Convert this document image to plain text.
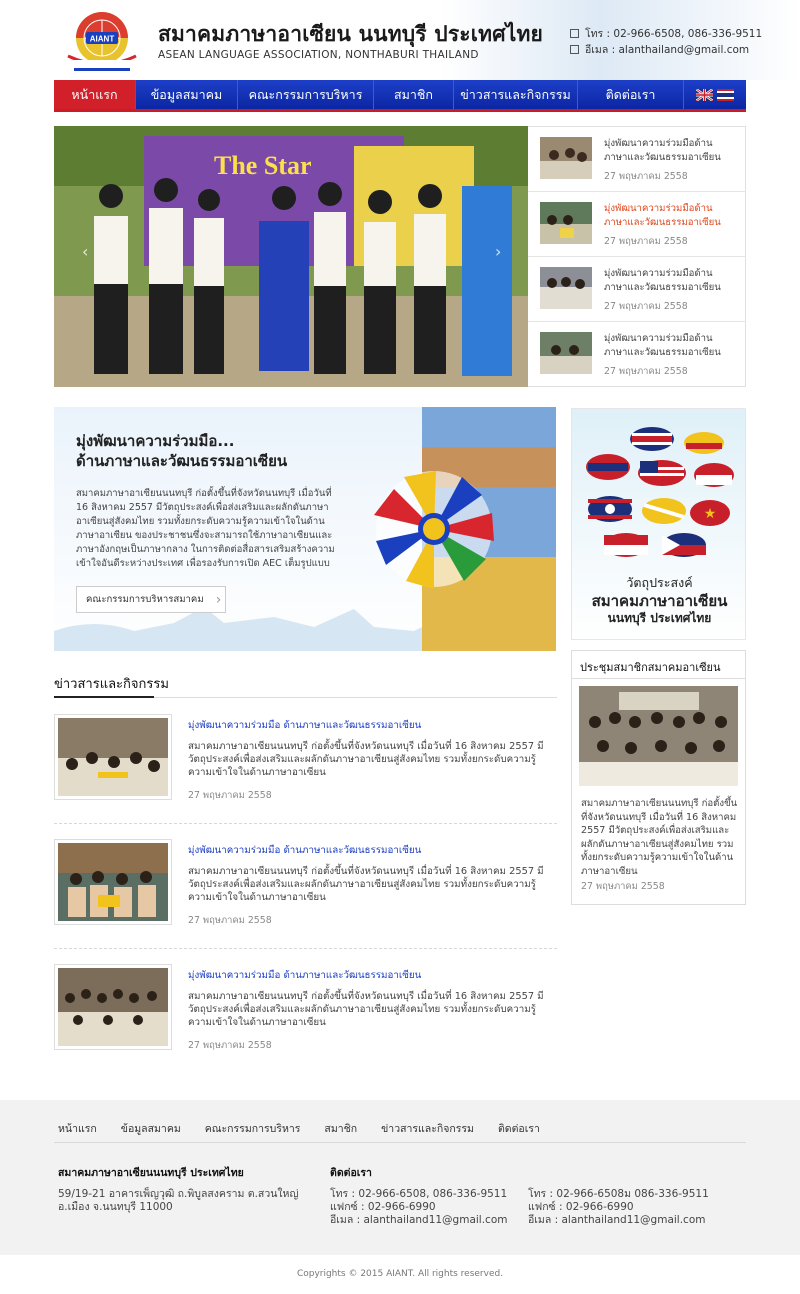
AIANT สมาคมภาษาอาเซียน นนทบุรี ประเทศไทย
ASEAN LANGUAGE ASSOCIATION, NONTHABURI THAILAND
โทร : 02-966-6508, 086-336-9511
อีเมล : alanthailand@gmail.com
หน้าแรก	ข้อมูลสมาคม	คณะกรรมการบริหาร	สมาชิก	ข่าวสารและกิจกรรม	ติดต่อเรา
The Star
‹	›
มุ่งพัฒนาความร่วมมือด้านภาษาและวัฒนธรรมอาเซียน
27 พฤษภาคม 2558
มุ่งพัฒนาความร่วมมือด้านภาษาและวัฒนธรรมอาเซียน
27 พฤษภาคม 2558
มุ่งพัฒนาความร่วมมือด้านภาษาและวัฒนธรรมอาเซียน
27 พฤษภาคม 2558
มุ่งพัฒนาความร่วมมือด้านภาษาและวัฒนธรรมอาเซียน
27 พฤษภาคม 2558
มุ่งพัฒนาความร่วมมือ...
ด้านภาษาและวัฒนธรรมอาเซียน
สมาคมภาษาอาเซียนนนทบุรี ก่อตั้งขึ้นที่จังหวัดนนทบุรี เมื่อวันที่ 16 สิงหาคม 2557 มีวัตถุประสงค์เพื่อส่งเสริมและผลักดันภาษาอาเซียนสู่สังคมไทย รวมทั้งยกระดับความรู้ความเข้าใจในด้านภาษาอาเซียน ของประชาชนซึ่งจะสามารถใช้ภาษาอาเซียนและภาษาอังกฤษเป็นภาษากลาง ในการติดต่อสื่อสารเสริมสร้างความเข้าใจอันดีระหว่างประเทศ เพื่อรองรับการเปิด AEC เต็มรูปแบบ
คณะกรรมการบริหารสมาคม ›
★
วัตถุประสงค์
สมาคมภาษาอาเซียน
นนทบุรี ประเทศไทย
ข่าวสารและกิจกรรม
มุ่งพัฒนาความร่วมมือ ด้านภาษาและวัฒนธรรมอาเซียน
สมาคมภาษาอาเซียนนนทบุรี ก่อตั้งขึ้นที่จังหวัดนนทบุรี เมื่อวันที่ 16 สิงหาคม 2557 มีวัตถุประสงค์เพื่อส่งเสริมและผลักดันภาษาอาเซียนสู่สังคมไทย รวมทั้งยกระดับความรู้ความเข้าใจในด้านภาษาอาเซียน
27 พฤษภาคม 2558
มุ่งพัฒนาความร่วมมือ ด้านภาษาและวัฒนธรรมอาเซียน
สมาคมภาษาอาเซียนนนทบุรี ก่อตั้งขึ้นที่จังหวัดนนทบุรี เมื่อวันที่ 16 สิงหาคม 2557 มีวัตถุประสงค์เพื่อส่งเสริมและผลักดันภาษาอาเซียนสู่สังคมไทย รวมทั้งยกระดับความรู้ความเข้าใจในด้านภาษาอาเซียน
27 พฤษภาคม 2558
มุ่งพัฒนาความร่วมมือ ด้านภาษาและวัฒนธรรมอาเซียน
สมาคมภาษาอาเซียนนนทบุรี ก่อตั้งขึ้นที่จังหวัดนนทบุรี เมื่อวันที่ 16 สิงหาคม 2557 มีวัตถุประสงค์เพื่อส่งเสริมและผลักดันภาษาอาเซียนสู่สังคมไทย รวมทั้งยกระดับความรู้ความเข้าใจในด้านภาษาอาเซียน
27 พฤษภาคม 2558
ประชุมสมาชิกสมาคมอาเซียน
สมาคมภาษาอาเซียนนนทบุรี ก่อตั้งขึ้นที่จังหวัดนนทบุรี เมื่อวันที่ 16 สิงหาคม 2557 มีวัตถุประสงค์เพื่อส่งเสริมและผลักดันภาษาอาเซียนสู่สังคมไทย รวมทั้งยกระดับความรู้ความเข้าใจในด้านภาษาอาเซียน
27 พฤษภาคม 2558
หน้าแรก ข้อมูลสมาคม คณะกรรมการบริหาร สมาชิก ข่าวสารและกิจกรรม ติดต่อเรา
สมาคมภาษาอาเซียนนนทบุรี ประเทศไทย
59/19-21 อาคารเพ็ญวุฒิ ถ.พิบูลสงคราม ต.สวนใหญ่
อ.เมือง จ.นนทบุรี 11000
ติดต่อเรา
โทร : 02-966-6508, 086-336-9511
แฟกซ์ : 02-966-6990
อีเมล : alanthailand11@gmail.com
โทร : 02-966-6508ม 086-336-9511
แฟกซ์ : 02-966-6990
อีเมล : alanthailand11@gmail.com
Copyrights © 2015 AIANT. All rights reserved.
